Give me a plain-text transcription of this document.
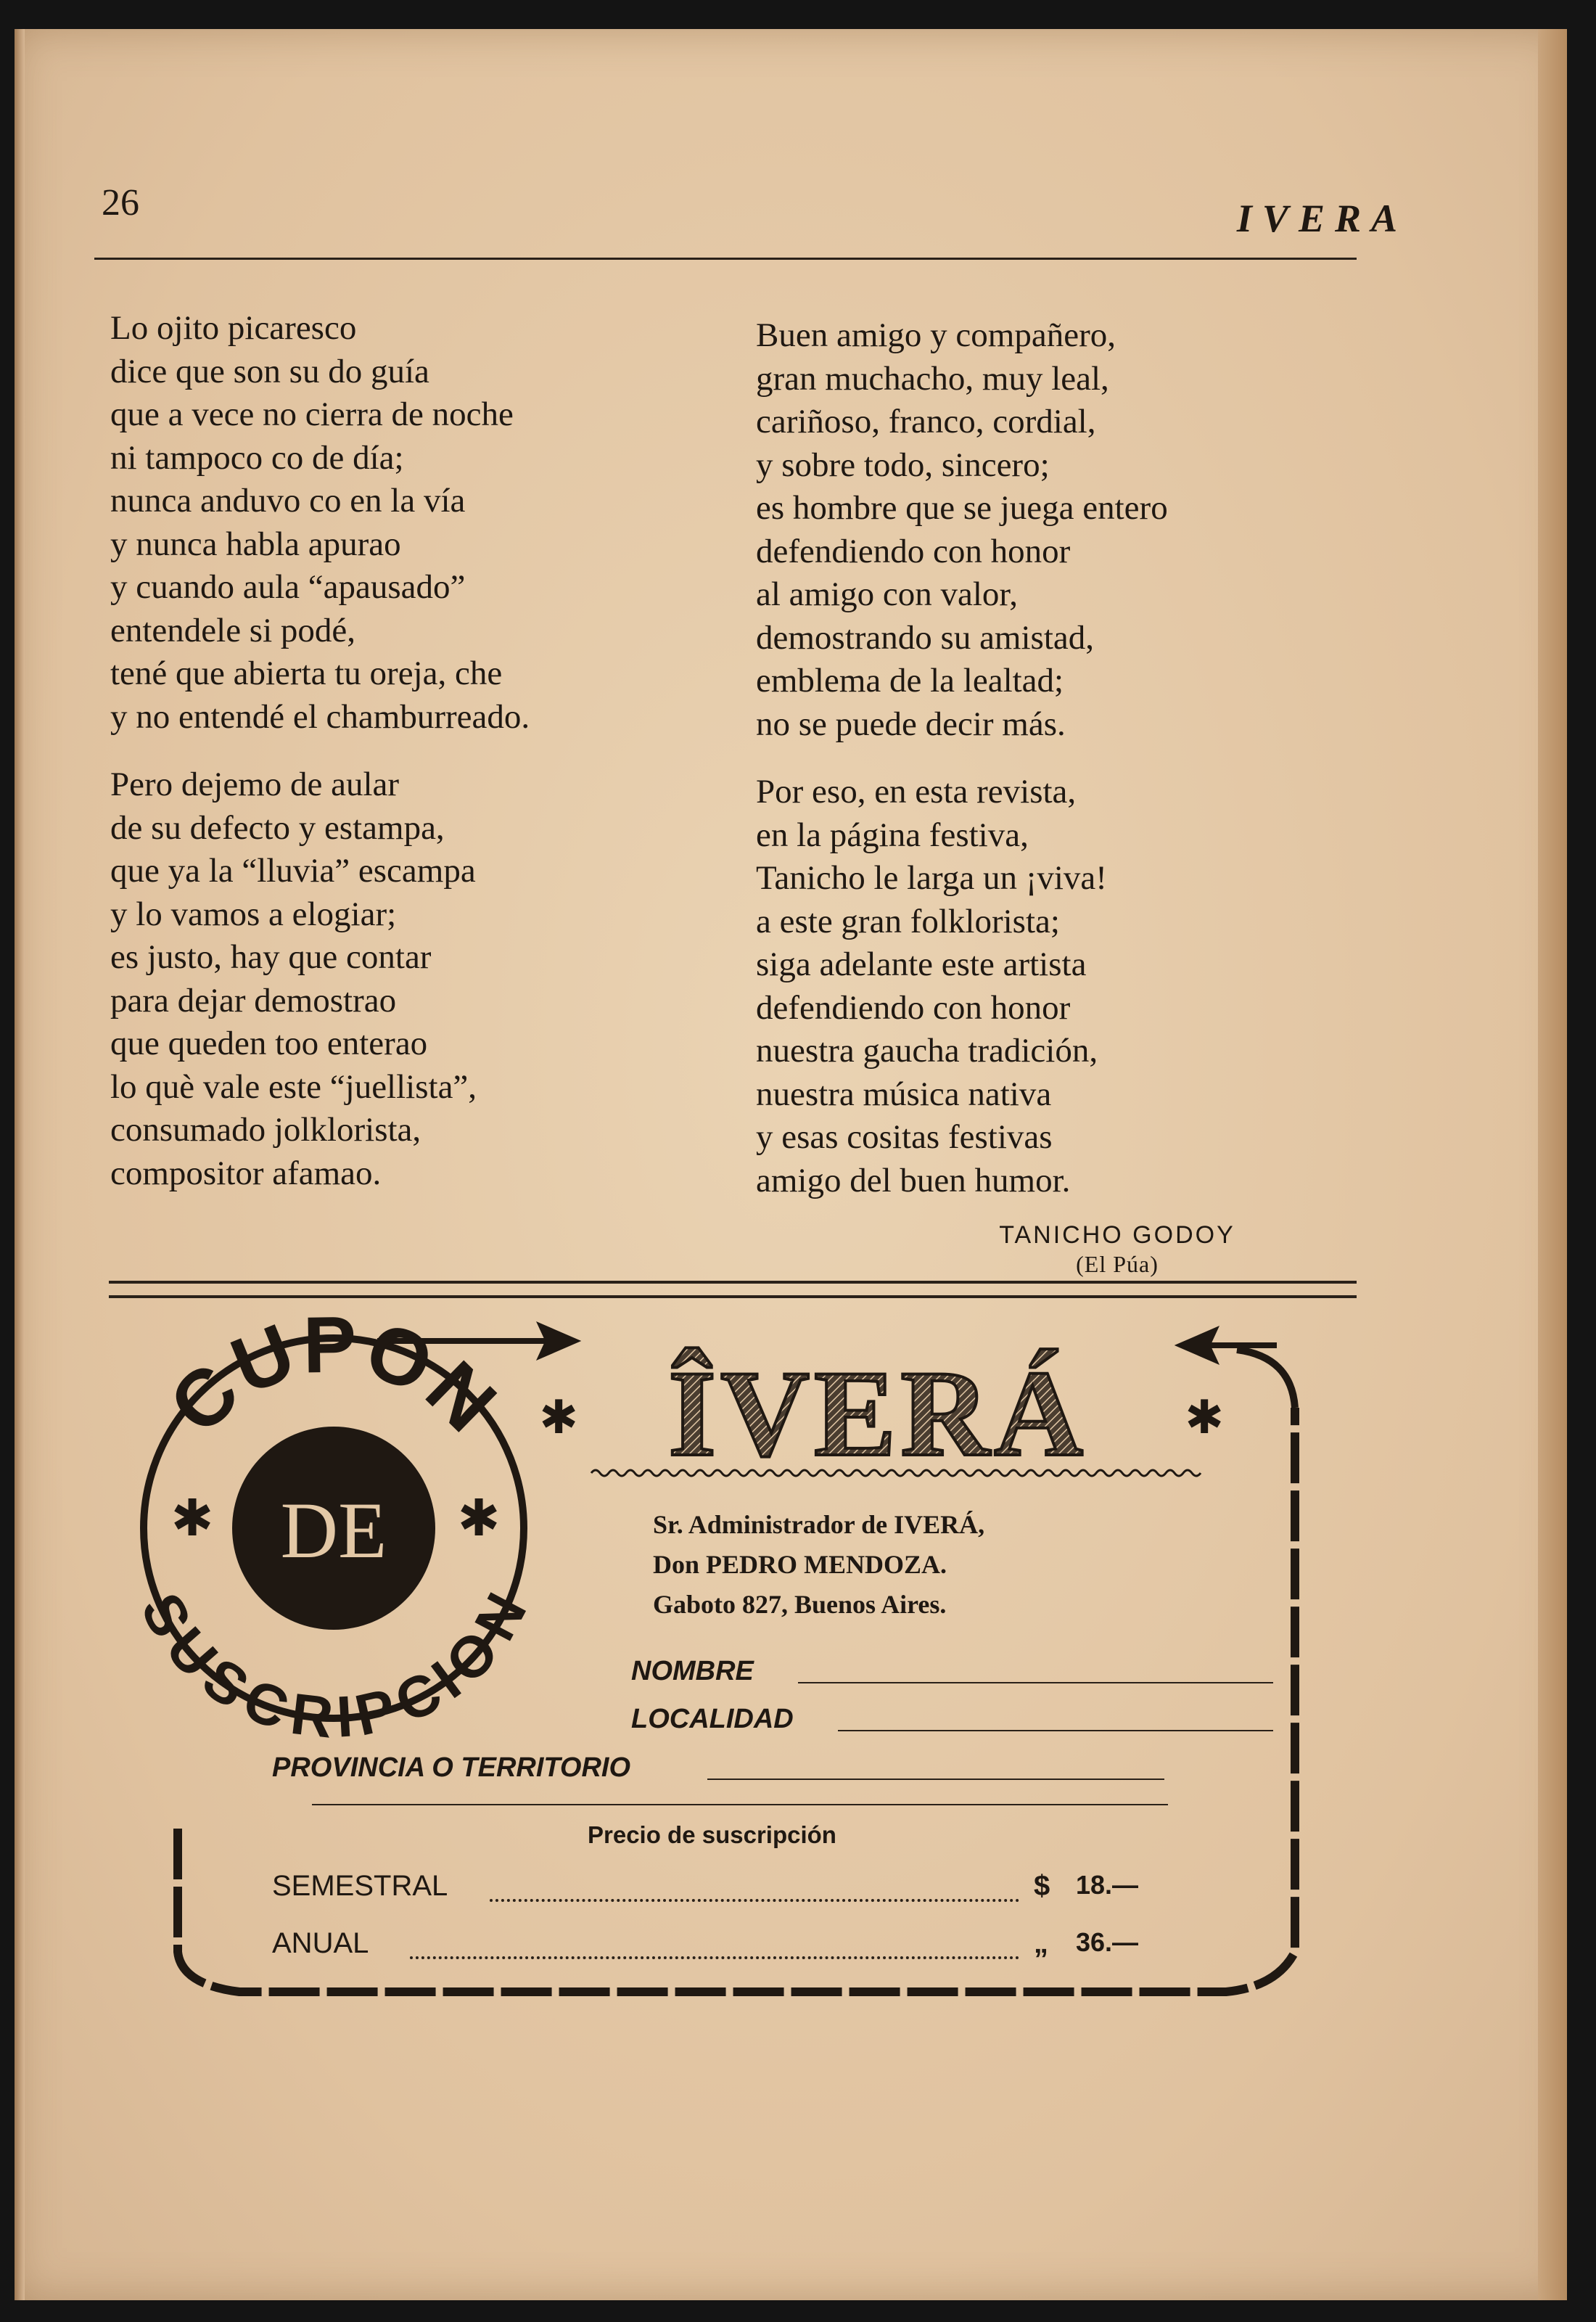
26	IVERA
Lo ojito picaresco
dice que son su do guía
que a vece no cierra de noche
ni tampoco co de día;
nunca anduvo co en la vía
y nunca habla apurao
y cuando aula “apausado”
entendele si podé,
tené que abierta tu oreja, che
y no entendé el chamburreado.
Pero dejemo de aular
de su defecto y estampa,
que ya la “lluvia” escampa
y lo vamos a elogiar;
es justo, hay que contar
para dejar demostrao
que queden too enterao
lo què vale este “juellista”,
consumado jolklorista,
compositor afamao.
Buen amigo y compañero,
gran muchacho, muy leal,
cariñoso, franco, cordial,
y sobre todo, sincero;
es hombre que se juega entero
defendiendo con honor
al amigo con valor,
demostrando su amistad,
emblema de la lealtad;
no se puede decir más.
Por eso, en esta revista,
en la página festiva,
Tanicho le larga un ¡viva!
a este gran folklorista;
siga adelante este artista
defendiendo con honor
nuestra gaucha tradición,
nuestra música nativa
y esas cositas festivas
amigo del buen humor.
TANICHO GODOY
(El Púa)
CUPON
SUSCRIPCION
DE
✱	✱
✱	✱
ÎVERÁ
Sr. Administrador de IVERÁ,
Don PEDRO MENDOZA.
Gaboto 827, Buenos Aires.
NOMBRE
LOCALIDAD
PROVINCIA O TERRITORIO
Precio de suscripción
SEMESTRAL	$ 18.—
ANUAL	„ 36.—
